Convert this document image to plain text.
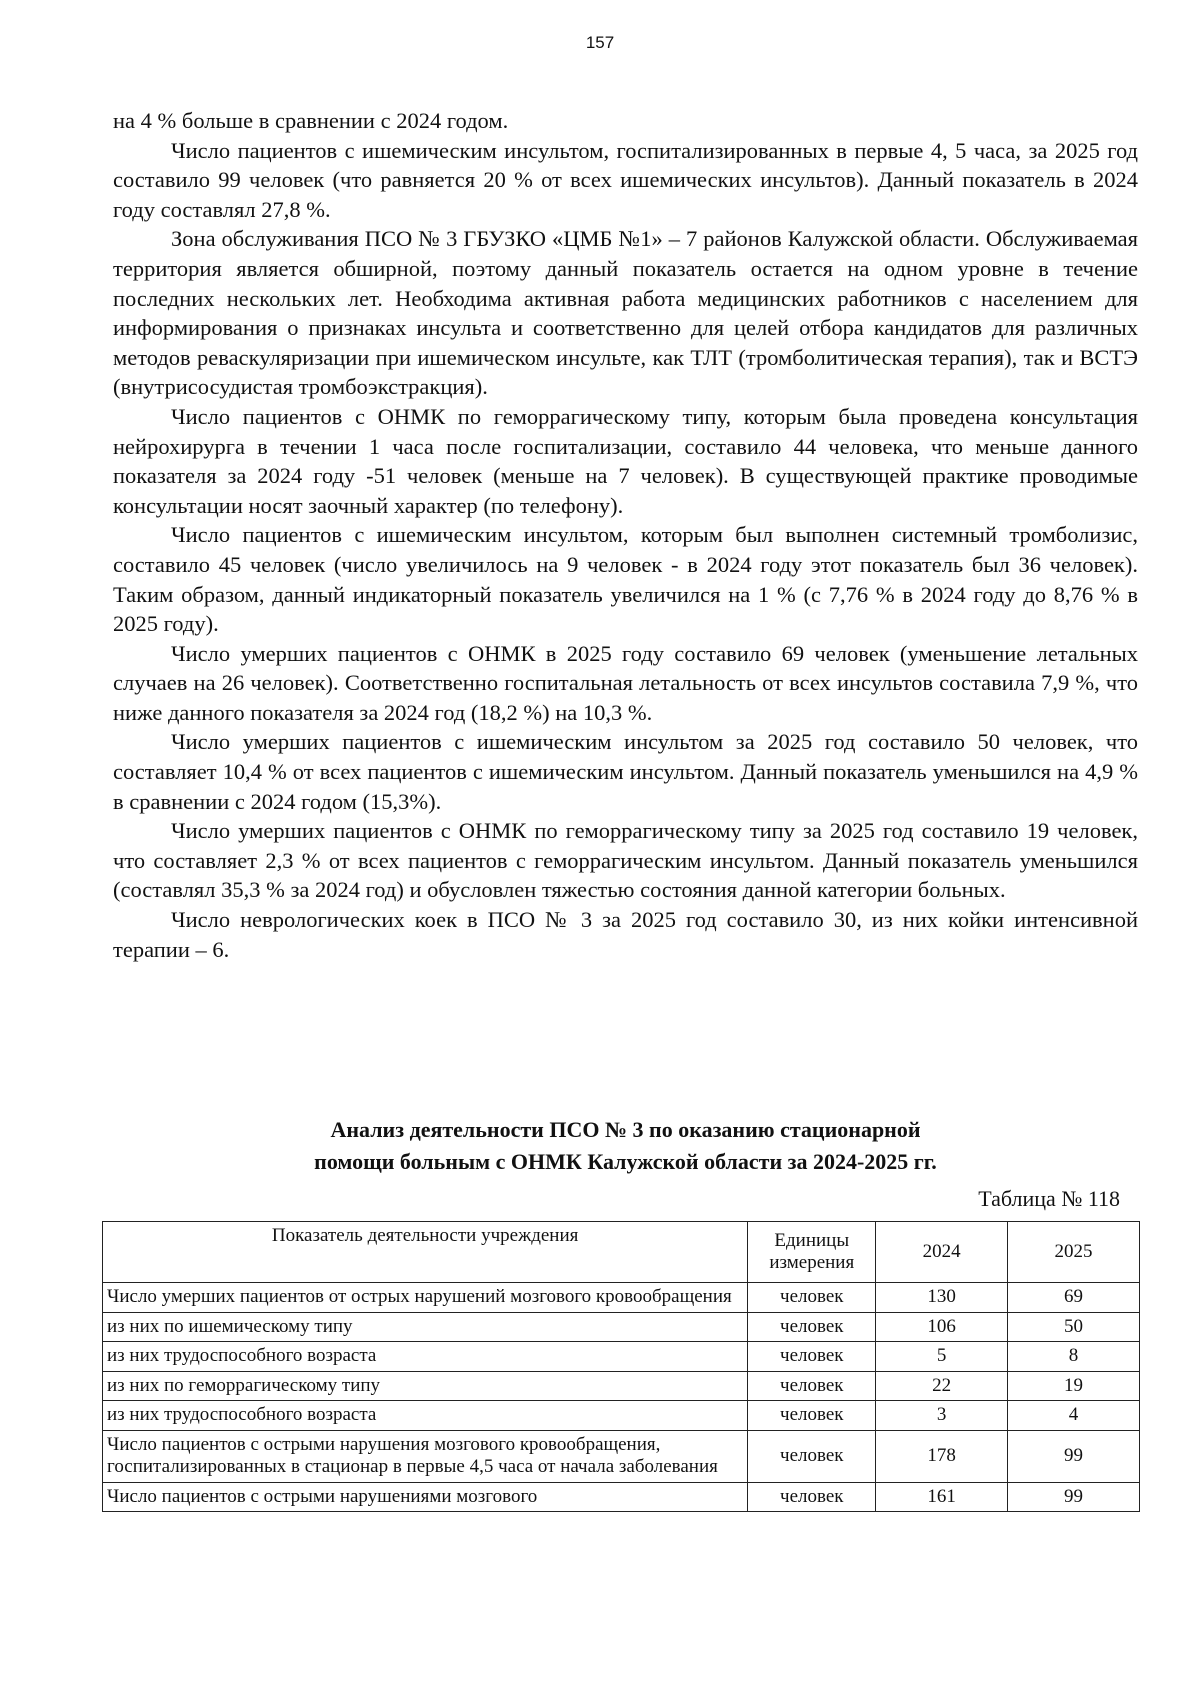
157

на 4 % больше в сравнении с 2024 годом.

Число пациентов с ишемическим инсультом, госпитализированных в первые 4, 5 часа, за 2025 год составило 99 человек (что равняется 20 % от всех ишемических инсультов). Данный показатель в 2024 году составлял 27,8 %.

Зона обслуживания ПСО № 3 ГБУЗКО «ЦМБ №1» – 7 районов Калужской области. Обслуживаемая территория является обширной, поэтому данный показатель остается на одном уровне в течение последних нескольких лет. Необходима активная работа медицинских работников с населением для информирования о признаках инсульта и соответственно для целей отбора кандидатов для различных методов реваскуляризации при ишемическом инсульте, как ТЛТ (тромболитическая терапия), так и ВСТЭ (внутрисосудистая тромбоэкстракция).

Число пациентов с ОНМК по геморрагическому типу, которым была проведена консультация нейрохирурга в течении 1 часа после госпитализации, составило 44 человека, что меньше данного показателя за 2024 году -51 человек (меньше на 7 человек). В существующей практике проводимые консультации носят заочный характер (по телефону).

Число пациентов с ишемическим инсультом, которым был выполнен системный тромболизис, составило 45 человек (число увеличилось на 9 человек - в 2024 году этот показатель был 36 человек). Таким образом, данный индикаторный показатель увеличился на 1 % (с 7,76 % в 2024 году до 8,76 % в 2025 году).

Число умерших пациентов с ОНМК в 2025 году составило 69 человек (уменьшение летальных случаев на 26 человек). Соответственно госпитальная летальность от всех инсультов составила 7,9 %, что ниже данного показателя за 2024 год (18,2 %) на 10,3 %.

Число умерших пациентов с ишемическим инсультом за 2025 год составило 50 человек, что составляет 10,4 % от всех пациентов с ишемическим инсультом. Данный показатель уменьшился на 4,9 % в сравнении с 2024 годом (15,3%).

Число умерших пациентов с ОНМК по геморрагическому типу за 2025 год составило 19 человек, что составляет 2,3 % от всех пациентов с геморрагическим инсультом. Данный показатель уменьшился (составлял 35,3 % за 2024 год) и обусловлен тяжестью состояния данной категории больных.

Число неврологических коек в ПСО № 3 за 2025 год составило 30, из них койки интенсивной терапии – 6.

Анализ деятельности ПСО № 3 по оказанию стационарной
помощи больным с ОНМК Калужской области за 2024-2025 гг.
Таблица № 118
Показатель деятельности учреждения	Единицы измерения	2024	2025
Число умерших пациентов от острых нарушений мозгового кровообращения	человек	130	69
из них по ишемическому типу	человек	106	50
из них трудоспособного возраста	человек	5	8
из них по геморрагическому типу	человек	22	19
из них трудоспособного возраста	человек	3	4
Число пациентов с острыми нарушения мозгового кровообращения, госпитализированных в стационар в первые 4,5 часа от начала заболевания	человек	178	99
Число пациентов с острыми нарушениями мозгового	человек	161	99
